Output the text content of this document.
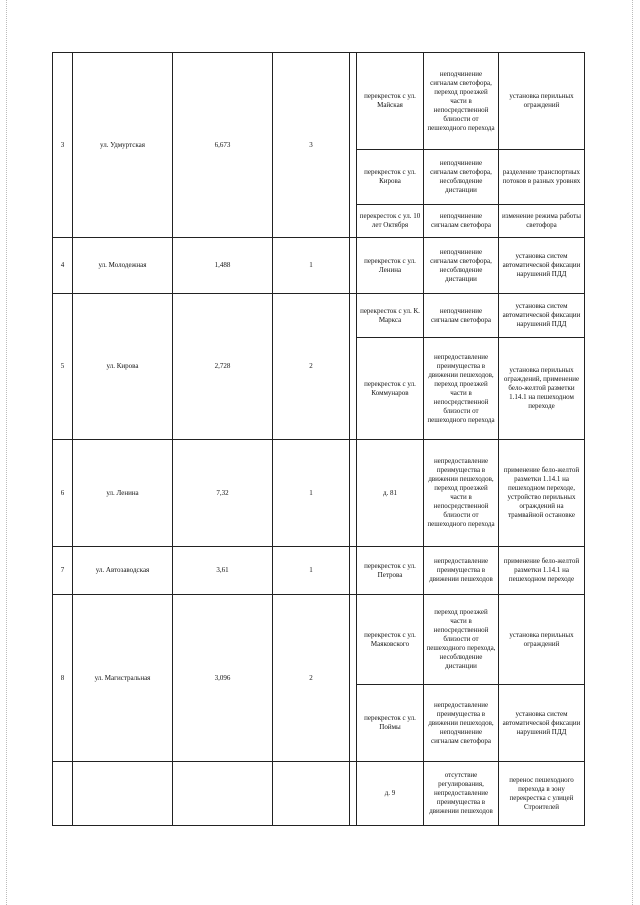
3	ул. Удмуртская	6,673	3		перекресток с ул. Майская	неподчинение сигналам светофора, переход проезжей части в непосредственной близости от пешеходного перехода	установка перильных ограждений
					перекресток с ул. Кирова	неподчинение сигналам светофора, несоблюдение дистанции	разделение транспортных потоков в разных уровнях
					перекресток с ул. 10 лет Октября	неподчинение сигналам светофора	изменение режима работы светофора
4	ул. Молодежная	1,488	1		перекресток с ул. Ленина	неподчинение сигналам светофора, несоблюдение дистанции	установка систем автоматической фиксации нарушений ПДД
5	ул. Кирова	2,728	2		перекресток с ул. К. Маркса	неподчинение сигналам светофора	установка систем автоматической фиксации нарушений ПДД
					перекресток с ул. Коммунаров	непредоставление преимущества в движении пешеходов, переход проезжей части в непосредственной близости от пешеходного перехода	установка перильных ограждений, применение бело-желтой разметки 1.14.1 на пешеходном переходе
6	ул. Ленина	7,32	1		д. 81	непредоставление преимущества в движении пешеходов, переход проезжей части в непосредственной близости от пешеходного перехода	применение бело-желтой разметки 1.14.1 на пешеходном переходе, устройство перильных ограждений на трамвайной остановке
7	ул. Автозаводская	3,61	1		перекресток с ул. Петрова	непредоставление преимущества в движении пешеходов	применение бело-желтой разметки 1.14.1 на пешеходном переходе
8	ул. Магистральная	3,096	2		перекресток с ул. Маяковского	переход проезжей части в непосредственной близости от пешеходного перехода, несоблюдение дистанции	установка перильных ограждений
					перекресток с ул. Поймы	непредоставление преимущества в движении пешеходов, неподчинение сигналам светофора	установка систем автоматической фиксации нарушений ПДД
					д. 9	отсутствие регулирования, непредоставление преимущества в движении пешеходов	перенос пешеходного перехода в зону перекрестка с улицей Строителей
